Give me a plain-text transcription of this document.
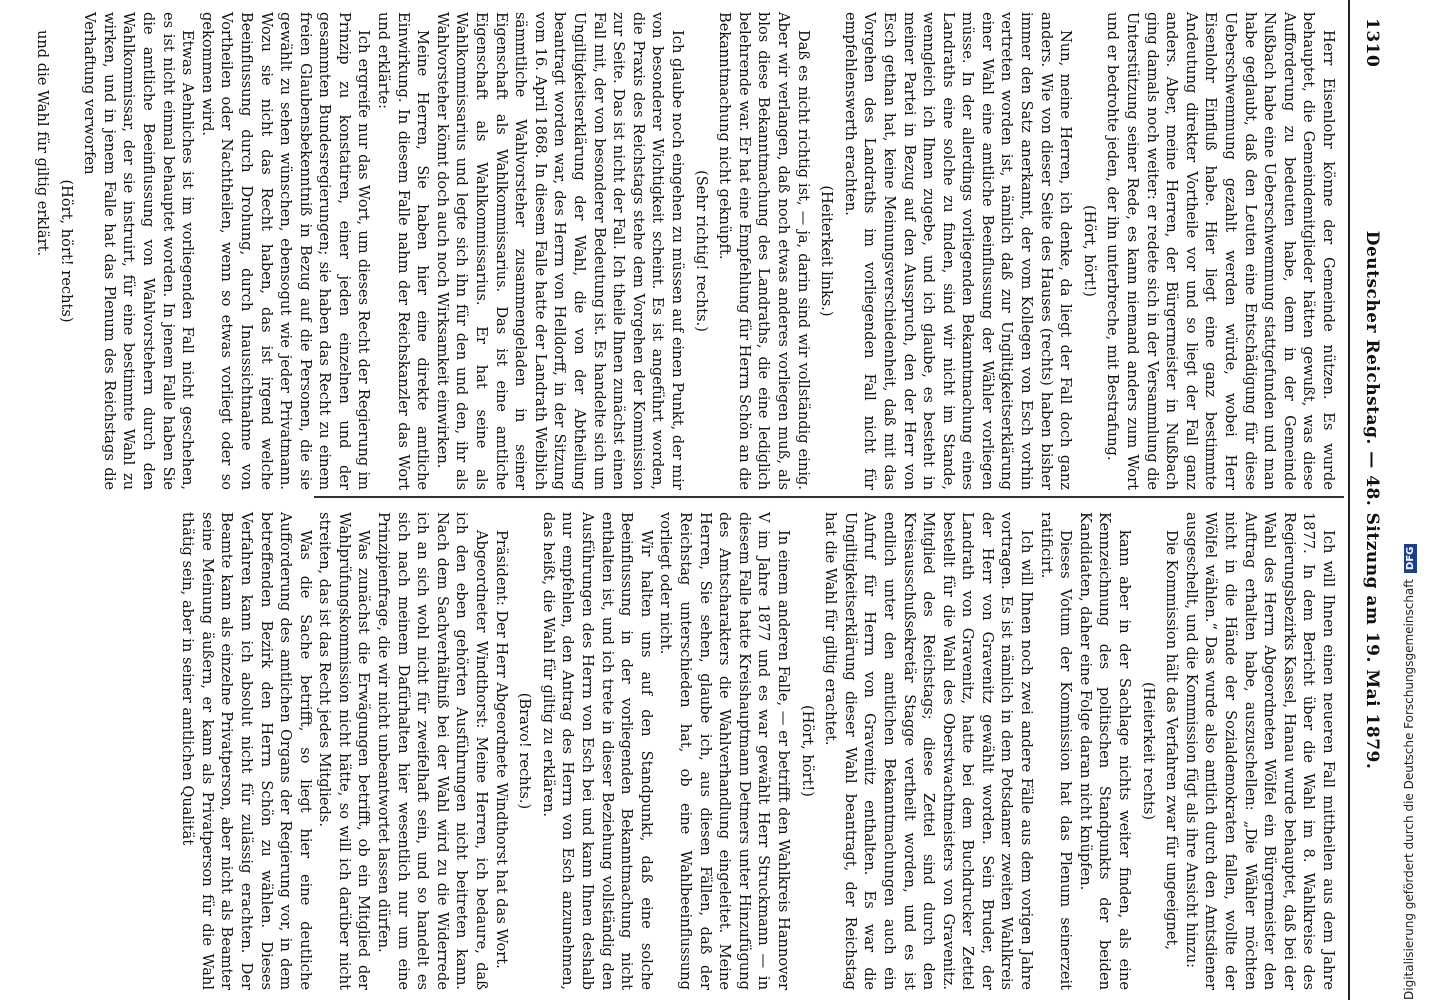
1310
Deutscher Reichstag. — 48. Sitzung am 19. Mai 1879.

Herr Eisenlohr könne der Gemeinde nützen. Es wurde behauptet, die Gemeindemitglieder hätten gewußt, was diese Aufforderung zu bedeuten habe, denn in der Gemeinde Nußbach habe eine Ueberschwemmung stattgefunden und man habe geglaubt, daß den Leuten eine Entschädigung für diese Ueberschwemmung gezahlt werden würde, wobei Herr Eisenlohr Einfluß habe. Hier liegt eine ganz bestimmte Andeutung direkter Vortheile vor und so liegt der Fall ganz anders. Aber, meine Herren, der Bürgermeister in Nußbach ging damals noch weiter: er redete sich in der Versammlung die Unterstützung seiner Rede, es kann niemand anders zum Wort und er bedrohte jeden, der ihn unterbreche, mit Bestrafung.

(Hört, hört!)

Nun, meine Herren, ich denke, da liegt der Fall doch ganz anders. Wie von dieser Seite des Hauses (rechts) haben bisher immer den Satz anerkannt, der vom Kollegen von Esch vorhin vertreten worden ist, nämlich daß zur Ungiltigkeitserklärung einer Wahl eine amtliche Beeinflussung der Wähler vorliegen müsse. In der allerdings vorliegenden Bekanntmachung eines Landraths eine solche zu finden, sind wir nicht im Stande, wenngleich ich Ihnen zugebe, und ich glaube, es besteht in meiner Partei in Bezug auf den Ausspruch, den der Herr von Esch gethan hat, keine Meinungsverschiedenheit, daß mit das Vorgehen des Landraths im vorliegenden Fall nicht für empfehlenswerth erachten.

(Heiterkeit links.)

Daß es nicht richtig ist, — ja, darin sind wir vollständig einig. Aber wir verlangen, daß noch etwas anderes vorliegen muß, als blos diese Bekanntmachung des Landraths, die eine lediglich belehrende war. Er hat eine Empfehlung für Herrn Schön an die Bekanntmachung nicht geknüpft.

(Sehr richtig! rechts.)

Ich glaube noch eingehen zu müssen auf einen Punkt, der mir von besonderer Wichtigkeit scheint. Es ist angeführt worden, die Praxis des Reichstags stehe dem Vorgehen der Kommission zur Seite. Das ist nicht der Fall. Ich theile Ihnen zunächst einen Fall mit, der von besonderer Bedeutung ist. Es handelte sich um Ungiltigkeitserklärung der Wahl, die von der Abtheilung beantragt worden war, des Herrn von Helldorff, in der Sitzung vom 16. April 1868. In diesem Falle hatte der Landrath Weiblich sämmtliche Wahlvorsteher zusammengeladen in seiner Eigenschaft als Wahlkommissarius. Das ist eine amtliche Eigenschaft als Wahlkommissarius. Er hat seine als Wahlkommissarius und legte sich ihn für den und den, ihr als Wahlvorsteher könnt doch auch noch Wirksamkeit einwirken.

Meine Herren, Sie haben hier eine direkte amtliche Einwirkung. In diesem Falle nahm der Reichskanzler das Wort und erklärte:

Ich ergreife nur das Wort, um dieses Recht der Regierung im Prinzip zu konstatiren, einer jeden einzelnen und der gesammten Bundesregierungen; sie haben das Recht zu einem freien Glaubensbekenntniß in Bezug auf die Personen, die sie gewählt zu sehen wünschen, ebensogut wie jeder Privatmann. Wozu sie nicht das Recht haben, das ist irgend welche Beeinflussung durch Drohung, durch Inaussichtnahme von Vortheilen oder Nachtheilen, wenn so etwas vorliegt oder so gekommen wird.

Etwas Aehnliches ist im vorliegenden Fall nicht geschehen, es ist nicht einmal behauptet worden. In jenem Falle haben Sie die amtliche Beeinflussung von Wahlvorstehern durch den Wahlkommissar, der sie instruirt, für eine bestimmte Wahl zu wirken, und in jenem Falle hat das Plenum des Reichstags die Verhaftung verworfen

(Hört, hört! rechts)

und die Wahl für giltig erklärt.

Ich will Ihnen einen neueren Fall mittheilen aus dem Jahre 1877. In dem Bericht über die Wahl im 8. Wahlkreise des Regierungsbezirks Kassel, Hanau wurde behauptet, daß bei der Wahl des Herrn Abgeordneten Wölfel ein Bürgermeister den Auftrag erhalten habe, auszuschellen: „Die Wähler möchten nicht in die Hände der Sozialdemokraten fallen, wollte der Wölfel wählen.“ Das wurde also amtlich durch den Amtsdiener ausgeschellt, und die Kommission fügt als ihre Ansicht hinzu:

Die Kommission hält das Verfahren zwar für ungeeignet,

(Heiterkeit rechts)

kann aber in der Sachlage nichts weiter finden, als eine Kennzeichnung des politischen Standpunkts der beiden Kandidaten, daher eine Folge daran nicht knüpfen.

Dieses Votum der Kommission hat das Plenum seinerzeit ratificirt.

Ich will Ihnen noch zwei andere Fälle aus dem vorigen Jahre vortragen. Es ist nämlich in dem Potsdamer zweiten Wahlkreis der Herr von Gravenitz gewählt worden. Sein Bruder, der Landrath von Gravenitz, hatte bei dem Buchdrucker Zettel bestellt für die Wahl des Oberstwachtmeisters von Gravenitz. Mitglied des Reichstags; diese Zettel sind durch den Kreisausschußsekretär Stagge vertheilt worden, und es ist endlich unter den amtlichen Bekanntmachungen auch ein Aufruf für Herrn von Gravenitz enthalten. Es war die Ungiltigkeitserklärung dieser Wahl beantragt, der Reichstag hat die Wahl für giltig erachtet.

(Hört, hört!)

In einem anderen Falle, — er betrifft den Wahlkreis Hannover V im Jahre 1877 und es war gewählt Herr Struckmann — in diesem Falle hatte Kreishauptmann Detmers unter Hinzufügung des Amtscharakters die Wahlverhandlung eingeleitet. Meine Herren, Sie sehen, glaube ich, aus diesen Fällen, daß der Reichstag unterschieden hat, ob eine Wahlbeeinflussung vorliegt oder nicht.

Wir halten uns auf den Standpunkt, daß eine solche Beeinflussung in der vorliegenden Bekanntmachung nicht enthalten ist, und ich trete in dieser Beziehung vollständig den Ausführungen des Herrn von Esch bei und kann Ihnen deshalb nur empfehlen, den Antrag des Herrn von Esch anzunehmen, das heißt, die Wahl für giltig zu erklären.

(Bravo! rechts.)

Präsident: Der Herr Abgeordnete Windthorst hat das Wort.

Abgeordneter Windthorst: Meine Herren, ich bedaure, daß ich den eben gehörten Ausführungen nicht beitreten kann. Nach dem Sachverhältniß bei der Wahl wird zu die Widerrede ich an sich wohl nicht für zweifelhaft sein, und so handelt es sich nach meinem Dafürhalten hier wesentlich nur um eine Prinzipienfrage, die wir nicht unbeantwortet lassen dürfen.

Was zunächst die Erwägungen betrifft, ob ein Mitglied der Wahlprüfungskommission nicht hätte, so will ich darüber nicht streiten, das ist das Recht jedes Mitglieds.

Was die Sache betrifft, so liegt hier eine deutliche Aufforderung des amtlichen Organs der Regierung vor, in dem betreffenden Bezirk den Herrn Schön zu wählen. Dieses Verfahren kann ich absolut nicht für zulässig erachten. Der Beamte kann als einzelne Privatperson, aber nicht als Beamter seine Meinung äußern, er kann als Privatperson für die Wahl thätig sein, aber in seiner amtlichen Qualität	Digitalisierung gefördert durch die Deutsche ForschungsgemeinschaftDFG
